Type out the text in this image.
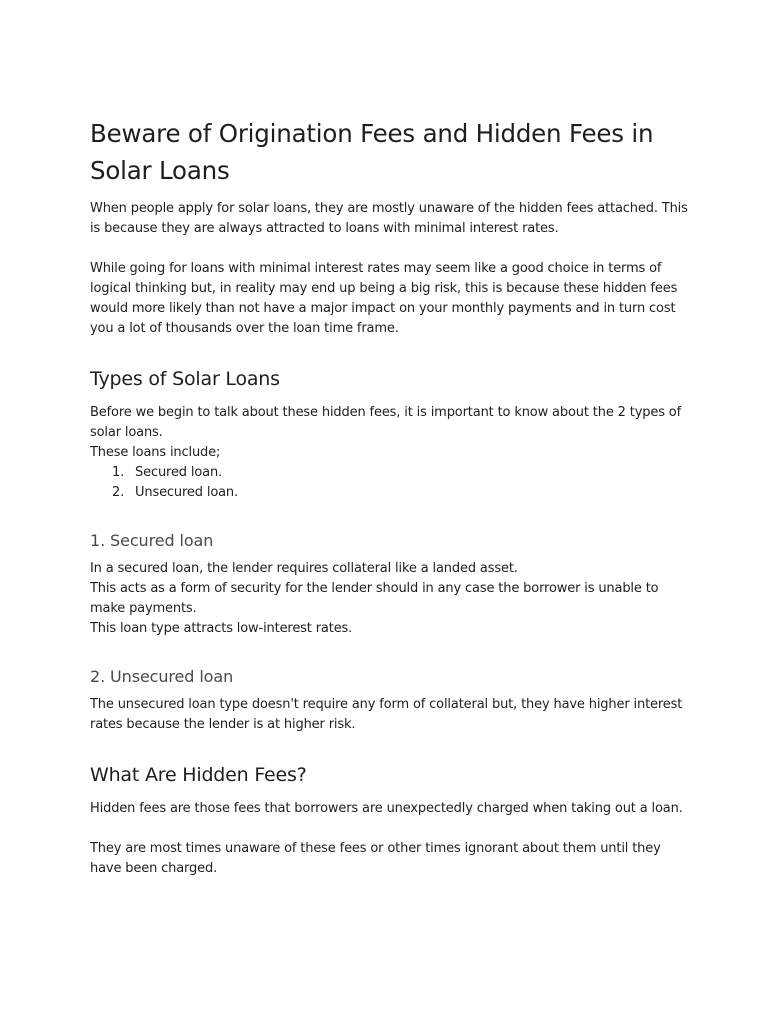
Beware of Origination Fees and Hidden Fees in Solar Loans

When people apply for solar loans, they are mostly unaware of the hidden fees attached. This is because they are always attracted to loans with minimal interest rates.

While going for loans with minimal interest rates may seem like a good choice in terms of logical thinking but, in reality may end up being a big risk, this is because these hidden fees would more likely than not have a major impact on your monthly payments and in turn cost you a lot of thousands over the loan time frame.

Types of Solar Loans

Before we begin to talk about these hidden fees, it is important to know about the 2 types of solar loans.

These loans include;

1. Secured loan.
2. Unsecured loan.
1. Secured loan

In a secured loan, the lender requires collateral like a landed asset.

This acts as a form of security for the lender should in any case the borrower is unable to make payments.

This loan type attracts low-interest rates.

2. Unsecured loan

The unsecured loan type doesn't require any form of collateral but, they have higher interest rates because the lender is at higher risk.

What Are Hidden Fees?

Hidden fees are those fees that borrowers are unexpectedly charged when taking out a loan.

They are most times unaware of these fees or other times ignorant about them until they have been charged.
